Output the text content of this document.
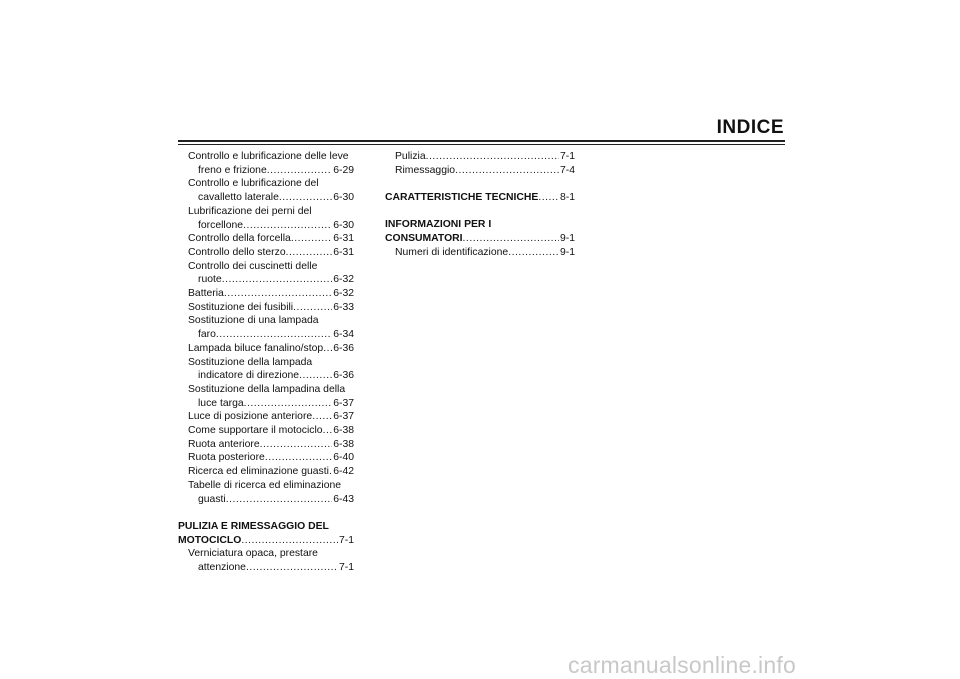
INDICE
Controllo e lubrificazione delle leve
freno e frizione .....	6-29
Controllo e lubrificazione del
cavalletto laterale .....	6-30
Lubrificazione dei perni del
forcellone .....	6-30
Controllo della forcella .....	6-31
Controllo dello sterzo .....	6-31
Controllo dei cuscinetti delle
ruote .....	6-32
Batteria .....	6-32
Sostituzione dei fusibili .....	6-33
Sostituzione di una lampada
faro .....	6-34
Lampada biluce fanalino/stop ..... 6-36
Sostituzione della lampada
indicatore di direzione .....	6-36
Sostituzione della lampadina della
luce targa .....	6-37
Luce di posizione anteriore ..... 6-37
Come supportare il motociclo ..... 6-38
Ruota anteriore .....	6-38
Ruota posteriore .....	6-40
Ricerca ed eliminazione guasti ..... 6-42
Tabelle di ricerca ed eliminazione
guasti .....	6-43
PULIZIA E RIMESSAGGIO DEL
MOTOCICLO .....	7-1
Verniciatura opaca, prestare
attenzione .....	7-1
Pulizia .....	7-1
Rimessaggio .....	7-4
CARATTERISTICHE TECNICHE ..... 8-1
INFORMAZIONI PER I
CONSUMATORI .....	9-1
Numeri di identificazione .....	9-1
carmanualsonline.info
